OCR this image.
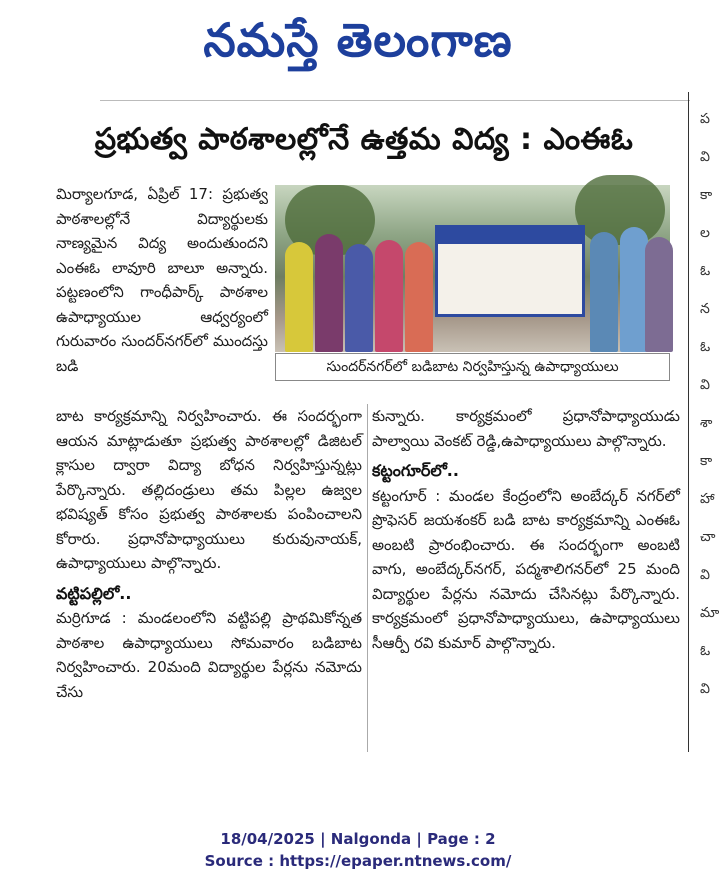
నమస్తే తెలంగాణ
ప
వి
కా
ల
ఓ
న
ఓ
వి
శా
కా
హా
చా
వి
మా
ఓ
వి
ప్రభుత్వ పాఠశాలల్లోనే ఉత్తమ విద్య : ఎంఈఓ
మిర్యాలగూడ, ఏప్రిల్ 17: ప్రభుత్వ పాఠశాలల్లోనే విద్యార్థులకు నాణ్యమైన విద్య అందుతుందని ఎంఈఓ లావూరి బాలూ అన్నారు. పట్టణంలోని గాంధీపార్క్ పాఠశాల ఉపాధ్యాయుల ఆధ్వర్యంలో గురువారం సుందర్‌నగర్‌లో ముందస్తు బడి	సుందర్‌నగర్‌లో బడిబాట నిర్వహిస్తున్న ఉపాధ్యాయులు
బాట కార్యక్రమాన్ని నిర్వహించారు. ఈ సందర్భంగా ఆయన మాట్లాడుతూ ప్రభుత్వ పాఠశాలల్లో డిజిటల్ క్లాసుల ద్వారా విద్యా బోధన నిర్వహిస్తున్నట్లు పేర్కొన్నారు. తల్లిదండ్రులు తమ పిల్లల ఉజ్వల భవిష్యత్ కోసం ప్రభుత్వ పాఠశాలకు పంపించాలని కోరారు. ప్రధానోపాధ్యాయులు కురువునాయక్, ఉపాధ్యాయులు పాల్గొన్నారు.
వట్టిపల్లిలో..
మర్రిగూడ : మండలంలోని వట్టిపల్లి ప్రాథమికోన్నత పాఠశాల ఉపాధ్యాయులు సోమవారం బడిబాట నిర్వహించారు. 20మంది విద్యార్థుల పేర్లను నమోదు చేసు
కున్నారు. కార్యక్రమంలో ప్రధానోపాధ్యాయుడు పాల్వాయి వెంకట్ రెడ్డి,ఉపాధ్యాయులు పాల్గొన్నారు.
కట్టంగూర్‌లో..
కట్టంగూర్ : మండల కేంద్రంలోని అంబేద్కర్ నగర్‌లో ప్రొఫెసర్ జయశంకర్ బడి బాట కార్యక్రమాన్ని ఎంఈఓ అంబటి ప్రారంభించారు. ఈ సందర్భంగా అంబటి వాగు, అంబేద్కర్‌నగర్, పద్మశాలిగనర్‌లో 25 మంది విద్యార్థుల పేర్లను నమోదు చేసినట్లు పేర్కొన్నారు. కార్యక్రమంలో ప్రధానోపాధ్యాయులు, ఉపాధ్యాయులు సీఆర్పీ రవి కుమార్ పాల్గొన్నారు.
18/04/2025 | Nalgonda | Page : 2
Source : https://epaper.ntnews.com/
